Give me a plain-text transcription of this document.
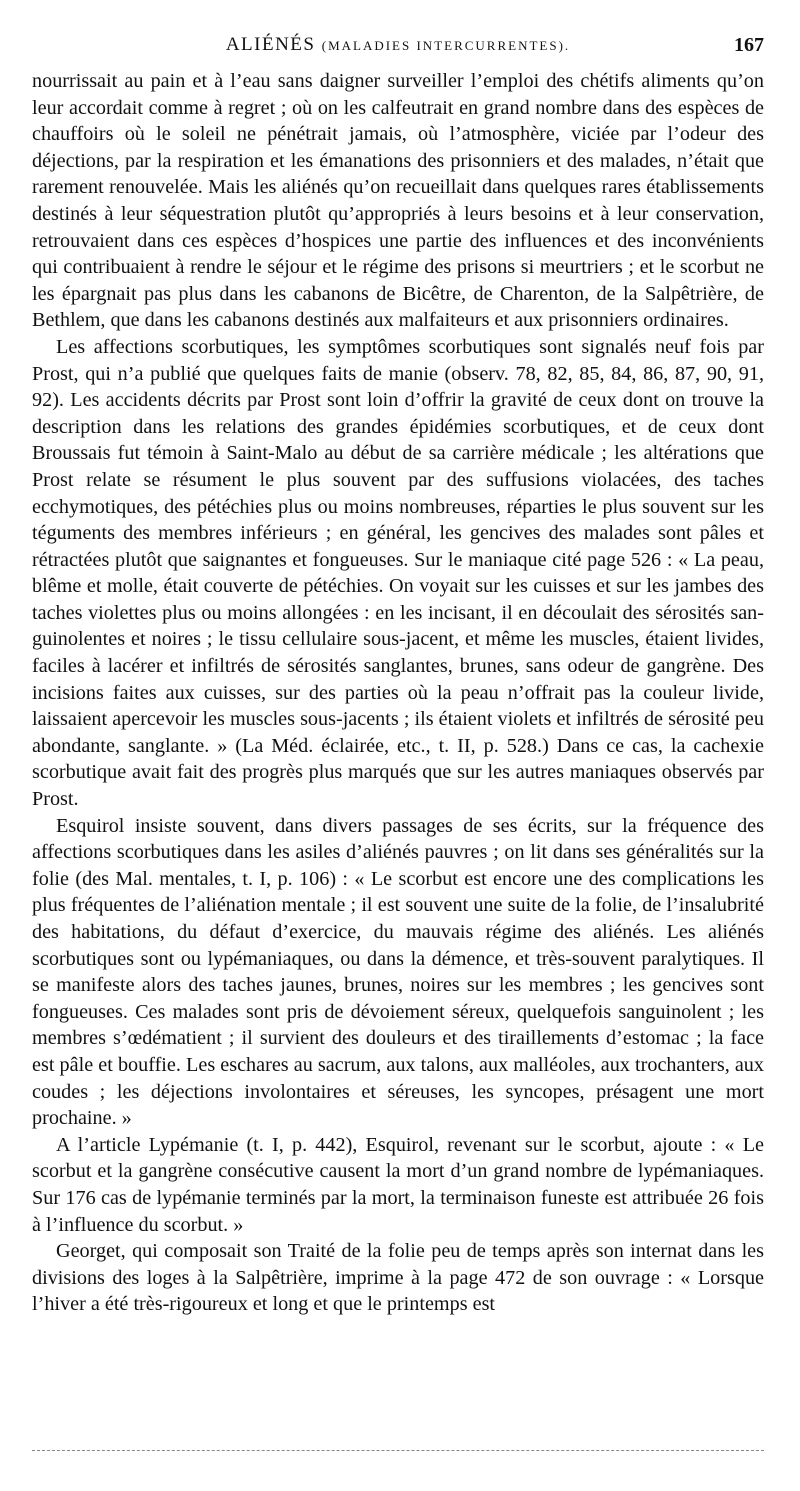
ALIÉNÉS (MALADIES INTERCURRENTES).	167

nourrissait au pain et à l’eau sans daigner surveiller l’emploi des chétifs aliments qu’on leur accordait comme à regret ; où on les calfeutrait en grand nombre dans des espèces de chauffoirs où le soleil ne pénétrait jamais, où l’atmosphère, viciée par l’odeur des déjections, par la respiration et les émanations des prisonniers et des malades, n’était que rarement renouvelée. Mais les aliénés qu’on recueillait dans quelques rares établissements destinés à leur séquestration plutôt qu’appropriés à leurs besoins et à leur conservation, retrouvaient dans ces espèces d’hospices une partie des influences et des inconvénients qui contribuaient à rendre le séjour et le régime des prisons si meurtriers ; et le scorbut ne les épargnait pas plus dans les cabanons de Bicêtre, de Charenton, de la Salpêtrière, de Bethlem, que dans les cabanons destinés aux malfaiteurs et aux prisonniers ordinaires.

Les affections scorbutiques, les symptômes scorbutiques sont signalés neuf fois par Prost, qui n’a publié que quelques faits de manie (observ. 78, 82, 85, 84, 86, 87, 90, 91, 92). Les accidents décrits par Prost sont loin d’offrir la gravité de ceux dont on trouve la description dans les relations des grandes épidémies scorbutiques, et de ceux dont Broussais fut témoin à Saint-Malo au début de sa carrière médicale ; les altérations que Prost relate se résument le plus souvent par des suffusions violacées, des taches ecchymotiques, des pétéchies plus ou moins nombreuses, réparties le plus souvent sur les téguments des membres inférieurs ; en général, les gencives des malades sont pâles et rétractées plutôt que saignantes et fongueuses. Sur le maniaque cité page 526 : « La peau, blême et molle, était couverte de pétéchies. On voyait sur les cuisses et sur les jambes des taches violettes plus ou moins allongées : en les incisant, il en découlait des sérosités sanguinolentes et noires ; le tissu cellulaire sous-jacent, et même les muscles, étaient livides, faciles à lacérer et infiltrés de sérosités sanglantes, brunes, sans odeur de gangrène. Des incisions faites aux cuisses, sur des parties où la peau n’offrait pas la couleur livide, laissaient apercevoir les muscles sous-jacents ; ils étaient violets et infiltrés de sérosité peu abondante, sanglante. » (La Méd. éclairée, etc., t. II, p. 528.) Dans ce cas, la cachexie scorbutique avait fait des progrès plus marqués que sur les autres maniaques observés par Prost.

Esquirol insiste souvent, dans divers passages de ses écrits, sur la fréquence des affections scorbutiques dans les asiles d’aliénés pauvres ; on lit dans ses généralités sur la folie (des Mal. mentales, t. I, p. 106) : « Le scorbut est encore une des complications les plus fréquentes de l’aliénation mentale ; il est souvent une suite de la folie, de l’insalubrité des habitations, du défaut d’exercice, du mauvais régime des aliénés. Les aliénés scorbutiques sont ou lypémaniaques, ou dans la démence, et très-souvent paralytiques. Il se manifeste alors des taches jaunes, brunes, noires sur les membres ; les gencives sont fongueuses. Ces malades sont pris de dévoiement séreux, quelquefois sanguinolent ; les membres s’œdématient ; il survient des douleurs et des tiraillements d’estomac ; la face est pâle et bouffie. Les eschares au sacrum, aux talons, aux malléoles, aux trochanters, aux coudes ; les déjections involontaires et séreuses, les syncopes, présagent une mort prochaine. »

A l’article Lypémanie (t. I, p. 442), Esquirol, revenant sur le scorbut, ajoute : « Le scorbut et la gangrène consécutive causent la mort d’un grand nombre de lypémaniaques. Sur 176 cas de lypémanie terminés par la mort, la terminaison funeste est attribuée 26 fois à l’influence du scorbut. »

Georget, qui composait son Traité de la folie peu de temps après son internat dans les divisions des loges à la Salpêtrière, imprime à la page 472 de son ouvrage : « Lorsque l’hiver a été très-rigoureux et long et que le printemps est
